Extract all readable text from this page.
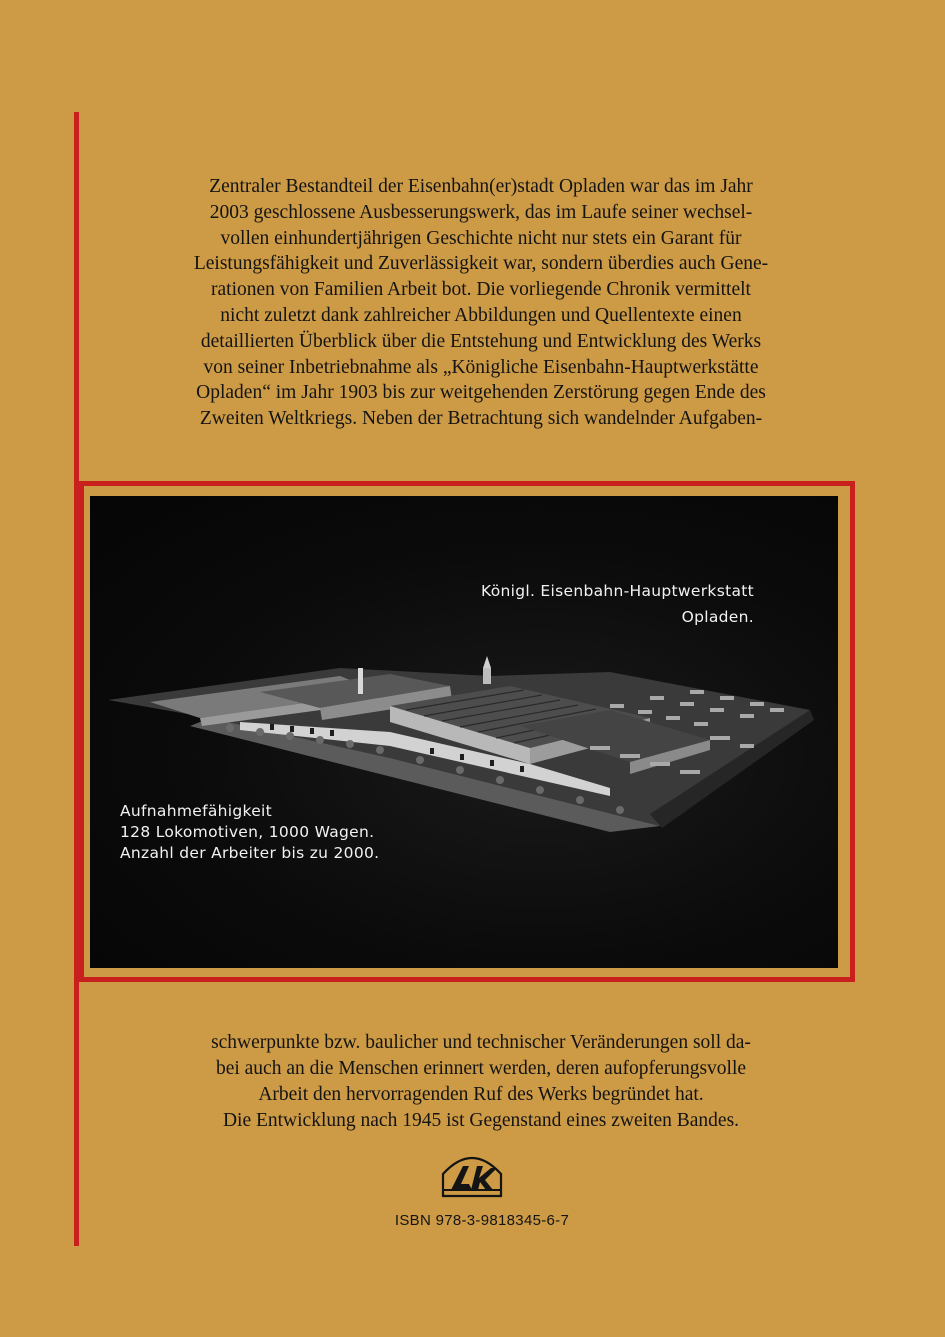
Zentraler Bestandteil der Eisenbahn(er)stadt Opladen war das im Jahr
2003 geschlossene Ausbesserungswerk, das im Laufe seiner wechsel-
vollen einhundertjährigen Geschichte nicht nur stets ein Garant für
Leistungsfähigkeit und Zuverlässigkeit war, sondern überdies auch Gene-
rationen von Familien Arbeit bot. Die vorliegende Chronik vermittelt
nicht zuletzt dank zahlreicher Abbildungen und Quellentexte einen
detaillierten Überblick über die Entstehung und Entwicklung des Werks
von seiner Inbetriebnahme als „Königliche Eisenbahn-Hauptwerkstätte
Opladen“ im Jahr 1903 bis zur weitgehenden Zerstörung gegen Ende des
Zweiten Weltkriegs. Neben der Betrachtung sich wandelnder Aufgaben-

Königl. Eisenbahn-Hauptwerkstatt
Opladen.
Aufnahmefähigkeit
128 Lokomotiven, 1000 Wagen.
Anzahl der Arbeiter bis zu 2000.

schwerpunkte bzw. baulicher und technischer Veränderungen soll da-
bei auch an die Menschen erinnert werden, deren aufopferungsvolle
Arbeit den hervorragenden Ruf des Werks begründet hat.
Die Entwicklung nach 1945 ist Gegenstand eines zweiten Bandes.

ISBN 978-3-9818345-6-7
